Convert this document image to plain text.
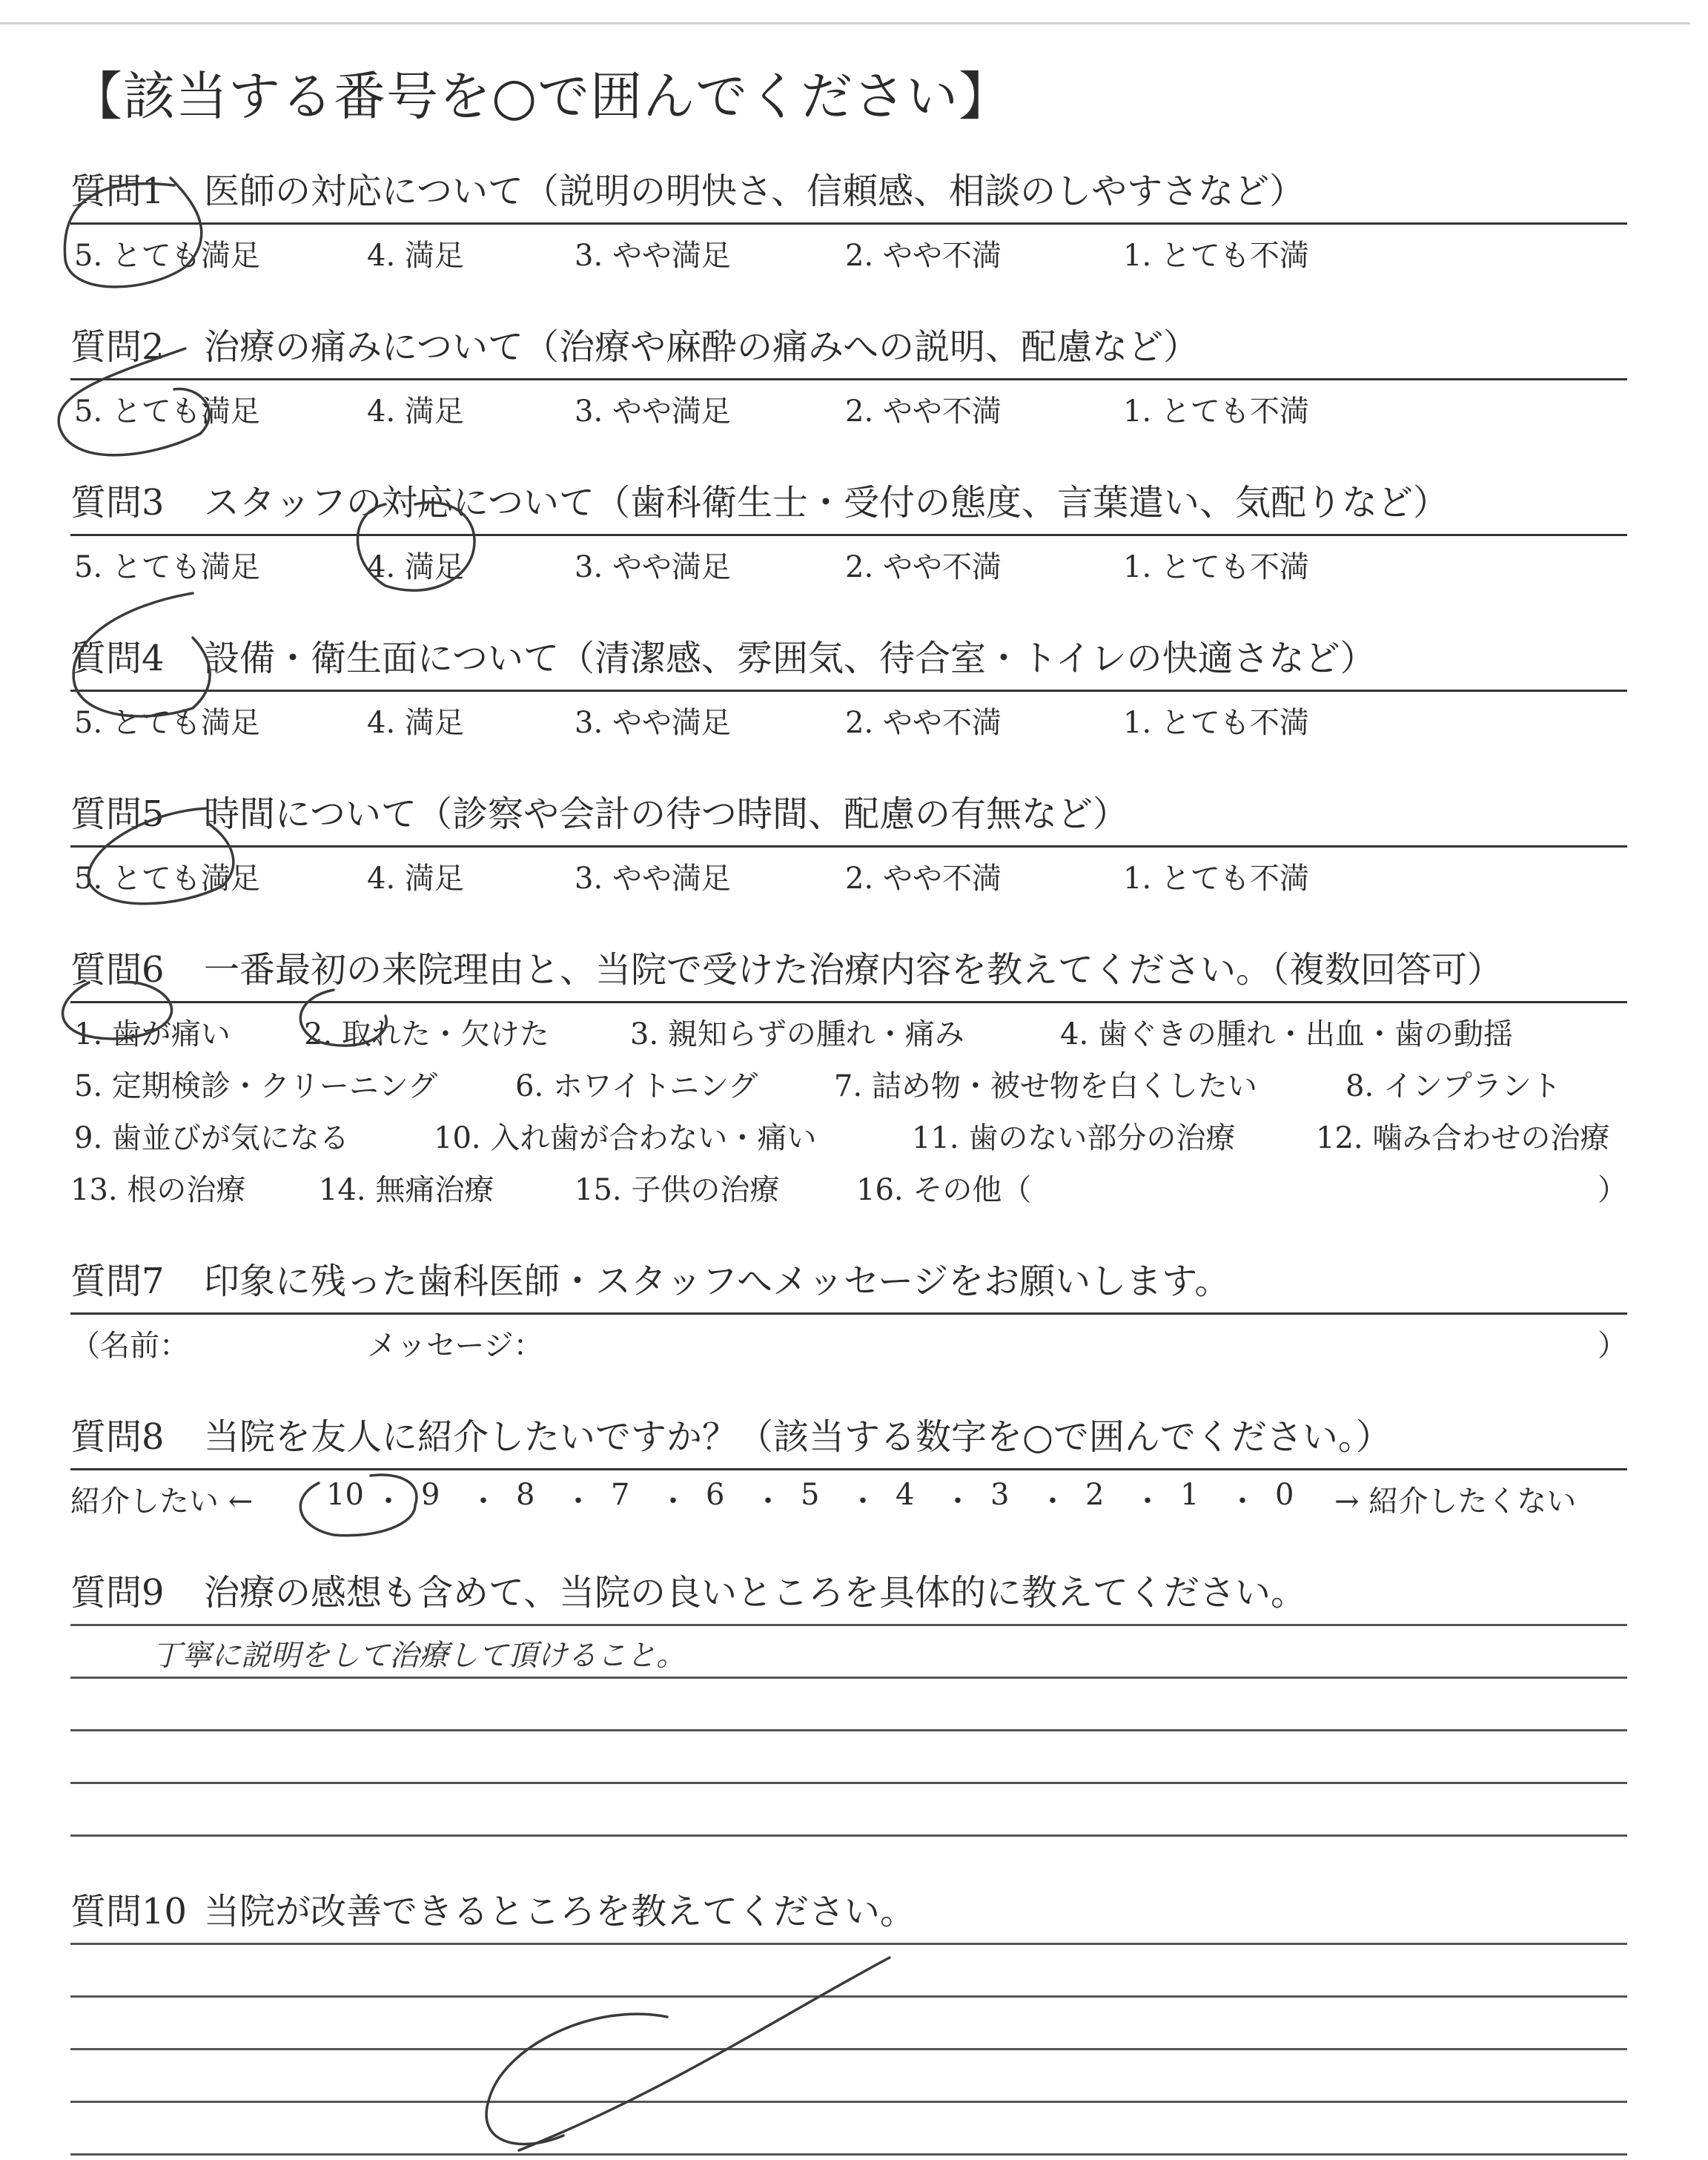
【該当する番号を○で囲んでください】
質問1 医師の対応について（説明の明快さ、信頼感、相談のしやすさなど）
5. とても満足	4. 満足	3. やや満足	2. やや不満	1. とても不満
質問2 治療の痛みについて（治療や麻酔の痛みへの説明、配慮など）
5. とても満足	4. 満足	3. やや満足	2. やや不満	1. とても不満
質問3 スタッフの対応について（歯科衛生士・受付の態度、言葉遣い、気配りなど）
5. とても満足	4. 満足	3. やや満足	2. やや不満	1. とても不満
質問4 設備・衛生面について（清潔感、雰囲気、待合室・トイレの快適さなど）
5. とても満足	4. 満足	3. やや満足	2. やや不満	1. とても不満
質問5 時間について（診察や会計の待つ時間、配慮の有無など）
5. とても満足	4. 満足	3. やや満足	2. やや不満	1. とても不満
質問6 一番最初の来院理由と、当院で受けた治療内容を教えてください。（複数回答可）
1. 歯が痛い 2. 取れた・欠けた	3. 親知らずの腫れ・痛み	4. 歯ぐきの腫れ・出血・歯の動揺
5. 定期検診・クリーニング	6. ホワイトニング	7. 詰め物・被せ物を白くしたい	8. インプラント
9. 歯並びが気になる	10. 入れ歯が合わない・痛い	11. 歯のない部分の治療	12. 噛み合わせの治療
13. 根の治療 14. 無痛治療	15. 子供の治療	16. その他（	）
質問7 印象に残った歯科医師・スタッフへメッセージをお願いします。
（名前：	メッセージ：	）
質問8 当院を友人に紹介したいですか？（該当する数字を○で囲んでください。）
紹介したい ←	→ 紹介したくない
10 ・ 9 ・ 8 ・ 7 ・ 6 ・ 5 ・ 4 ・ 3 ・ 2 ・ 1 ・ 0
質問9 治療の感想も含めて、当院の良いところを具体的に教えてください。
丁寧に説明をして治療して頂けること。
質問10 当院が改善できるところを教えてください。
